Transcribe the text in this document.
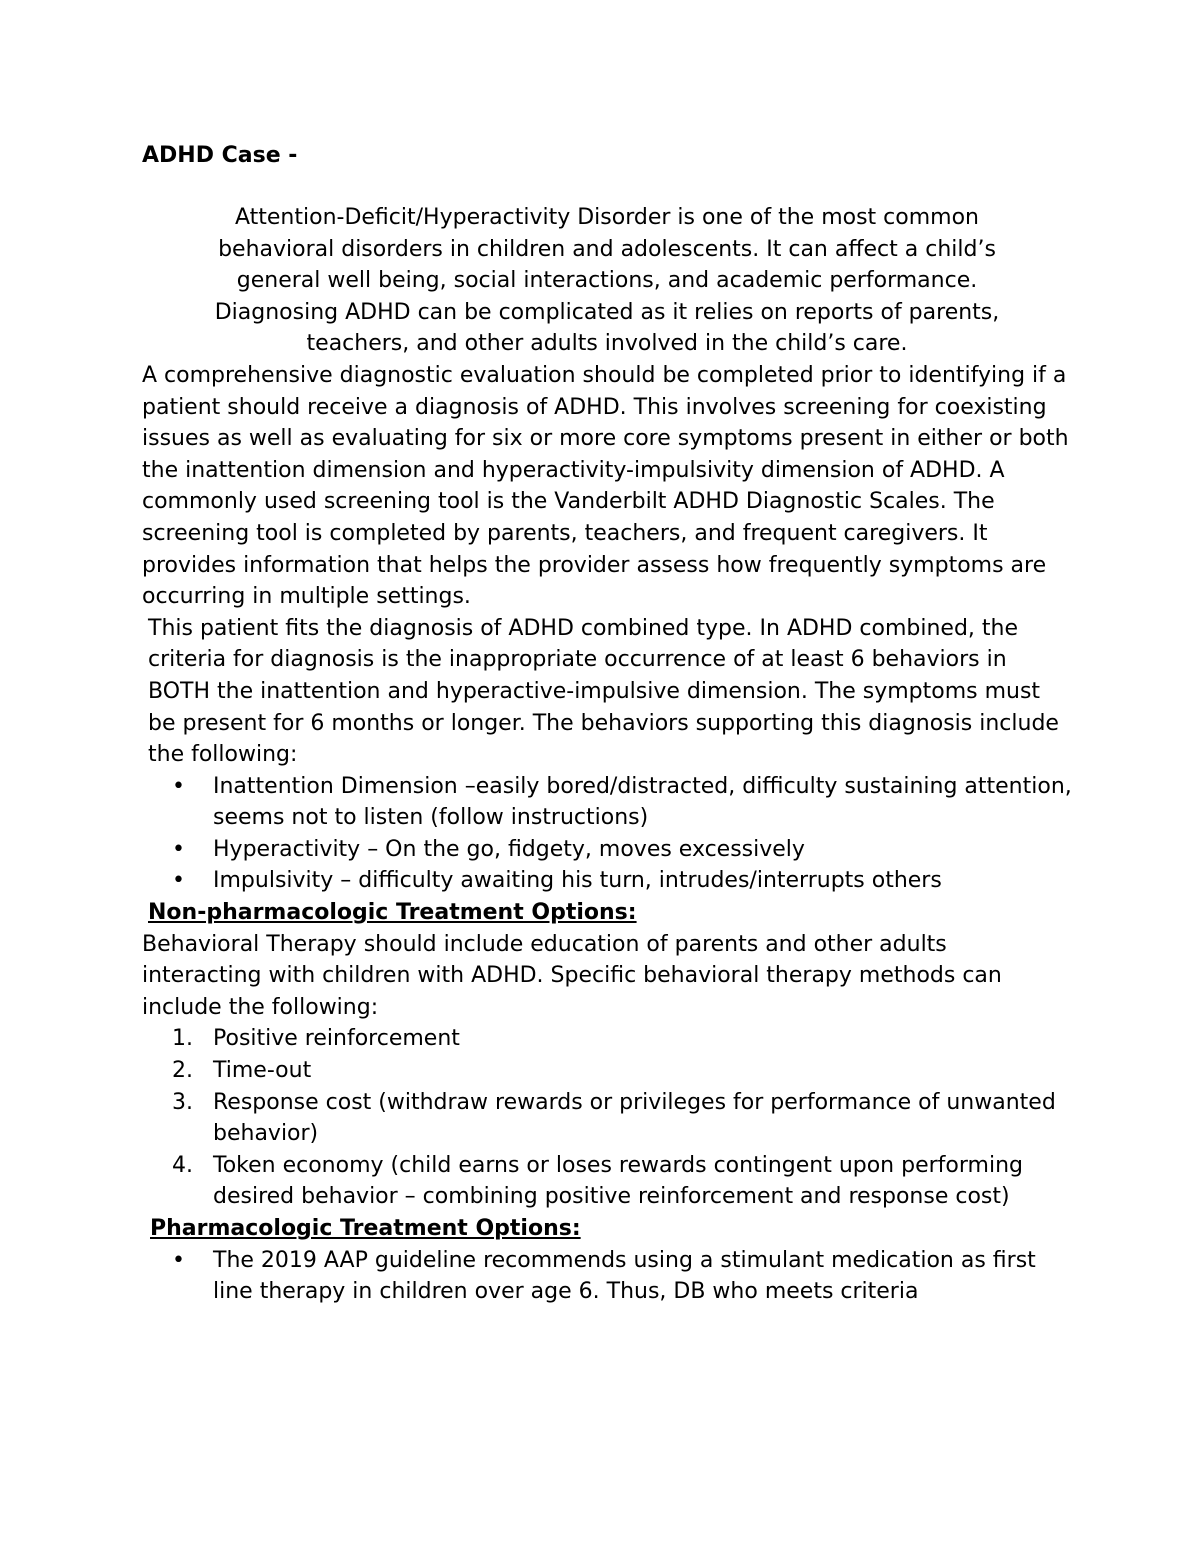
ADHD Case -

Attention-Deficit/Hyperactivity Disorder is one of the most common

behavioral disorders in children and adolescents. It can affect a child’s

general well being, social interactions, and academic performance.

Diagnosing ADHD can be complicated as it relies on reports of parents,

teachers, and other adults involved in the child’s care.

A comprehensive diagnostic evaluation should be completed prior to identifying if a patient should receive a diagnosis of ADHD. This involves screening for coexisting issues as well as evaluating for six or more core symptoms present in either or both the inattention dimension and hyperactivity-impulsivity dimension of ADHD. A commonly used screening tool is the Vanderbilt ADHD Diagnostic Scales. The screening tool is completed by parents, teachers, and frequent caregivers. It provides information that helps the provider assess how frequently symptoms are occurring in multiple settings.

This patient fits the diagnosis of ADHD combined type. In ADHD combined, the criteria for diagnosis is the inappropriate occurrence of at least 6 behaviors in BOTH the inattention and hyperactive-impulsive dimension. The symptoms must be present for 6 months or longer. The behaviors supporting this diagnosis include the following:

• Inattention Dimension –easily bored/distracted, difficulty sustaining attention, seems not to listen (follow instructions)
• Hyperactivity – On the go, fidgety, moves excessively
• Impulsivity – difficulty awaiting his turn, intrudes/interrupts others

Non-pharmacologic Treatment Options:

Behavioral Therapy should include education of parents and other adults interacting with children with ADHD. Specific behavioral therapy methods can include the following:

1. Positive reinforcement
2. Time-out
3. Response cost (withdraw rewards or privileges for performance of unwanted behavior)
4. Token economy (child earns or loses rewards contingent upon performing desired behavior – combining positive reinforcement and response cost)

Pharmacologic Treatment Options:

• The 2019 AAP guideline recommends using a stimulant medication as first line therapy in children over age 6. Thus, DB who meets criteria
